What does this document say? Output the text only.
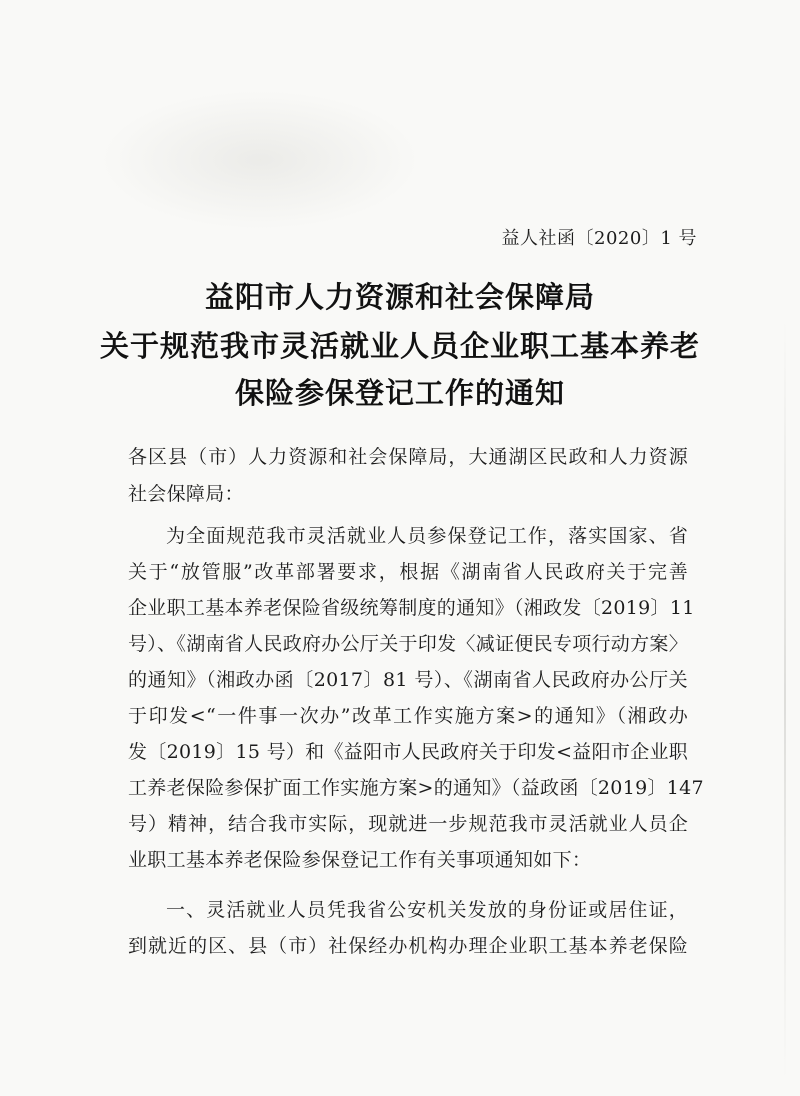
益人社函〔2020〕1 号
益阳市人力资源和社会保障局
关于规范我市灵活就业人员企业职工基本养老
保险参保登记工作的通知
各区县（市）人力资源和社会保障局，大通湖区民政和人力资源
社会保障局：
为全面规范我市灵活就业人员参保登记工作，落实国家、省
关于“放管服”改革部署要求，根据《湖南省人民政府关于完善
企业职工基本养老保险省级统筹制度的通知》（湘政发〔2019〕11
号）、《湖南省人民政府办公厅关于印发〈减证便民专项行动方案〉
的通知》（湘政办函〔2017〕81 号）、《湖南省人民政府办公厅关
于印发<“一件事一次办”改革工作实施方案>的通知》（湘政办
发〔2019〕15 号）和《益阳市人民政府关于印发<益阳市企业职
工养老保险参保扩面工作实施方案>的通知》（益政函〔2019〕147
号）精神，结合我市实际，现就进一步规范我市灵活就业人员企
业职工基本养老保险参保登记工作有关事项通知如下：
一、灵活就业人员凭我省公安机关发放的身份证或居住证，
到就近的区、县（市）社保经办机构办理企业职工基本养老保险
